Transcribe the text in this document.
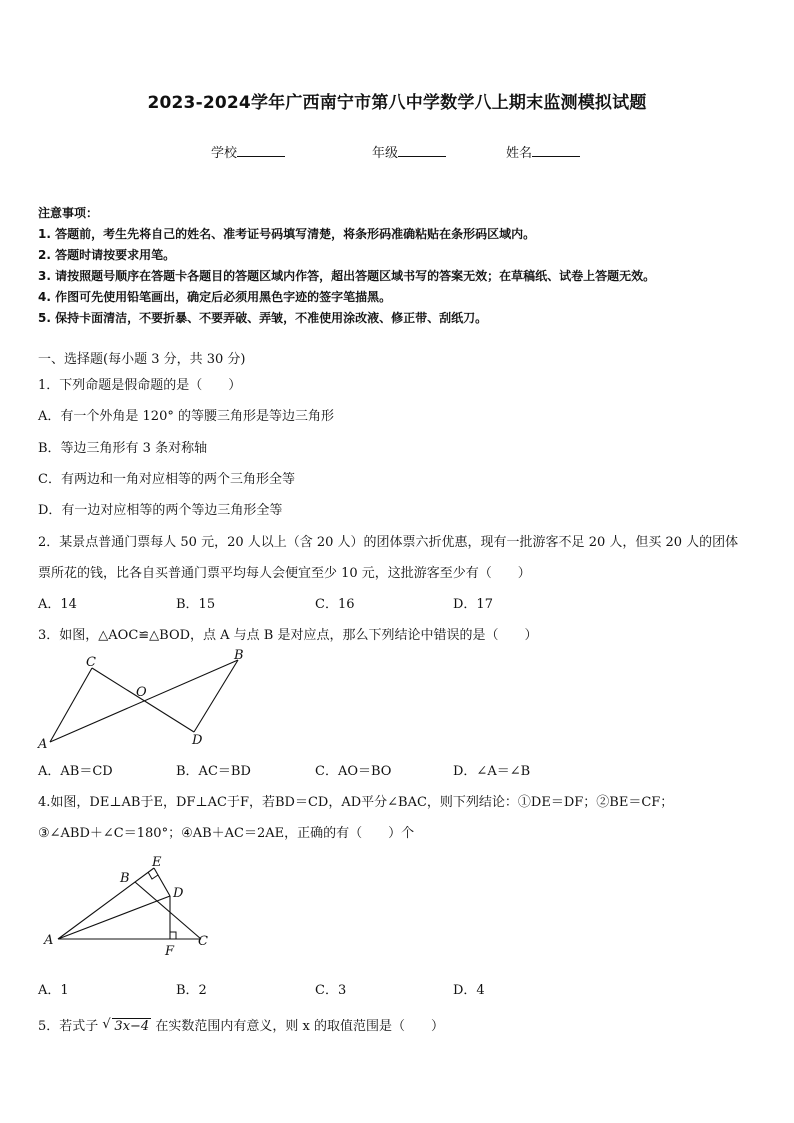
2023-2024学年广西南宁市第八中学数学八上期末监测模拟试题
学校	年级	姓名
注意事项：
1. 答题前，考生先将自己的姓名、准考证号码填写清楚，将条形码准确粘贴在条形码区域内。
2. 答题时请按要求用笔。
3. 请按照题号顺序在答题卡各题目的答题区域内作答，超出答题区域书写的答案无效；在草稿纸、试卷上答题无效。
4. 作图可先使用铅笔画出，确定后必须用黑色字迹的签字笔描黑。
5. 保持卡面清洁，不要折暴、不要弄破、弄皱，不准使用涂改液、修正带、刮纸刀。
一、选择题(每小题 3 分，共 30 分)
1．下列命题是假命题的是（　　）
A．有一个外角是 120° 的等腰三角形是等边三角形
B．等边三角形有 3 条对称轴
C．有两边和一角对应相等的两个三角形全等
D．有一边对应相等的两个等边三角形全等
2．某景点普通门票每人 50 元，20 人以上（含 20 人）的团体票六折优惠，现有一批游客不足 20 人，但买 20 人的团体
票所花的钱，比各自买普通门票平均每人会便宜至少 10 元，这批游客至少有（　　）
A．14	B．15	C．16	D．17
3．如图，△AOC≌△BOD，点 A 与点 B 是对应点，那么下列结论中错误的是（　　）
A
C
O
B
D
A．AB＝CD	B．AC＝BD	C．AO＝BO	D．∠A＝∠B
4.如图，DE⊥AB于E，DF⊥AC于F，若BD＝CD，AD平分∠BAC，则下列结论：①DE＝DF；②BE＝CF；
③∠ABD＋∠C＝180°；④AB＋AC＝2AE，正确的有（　　）个
A
B
E
D
F
C
A．1	B．2	C．3	D．4
5．若式子 √ 3x−4 在实数范围内有意义，则 x 的取值范围是（　　）
